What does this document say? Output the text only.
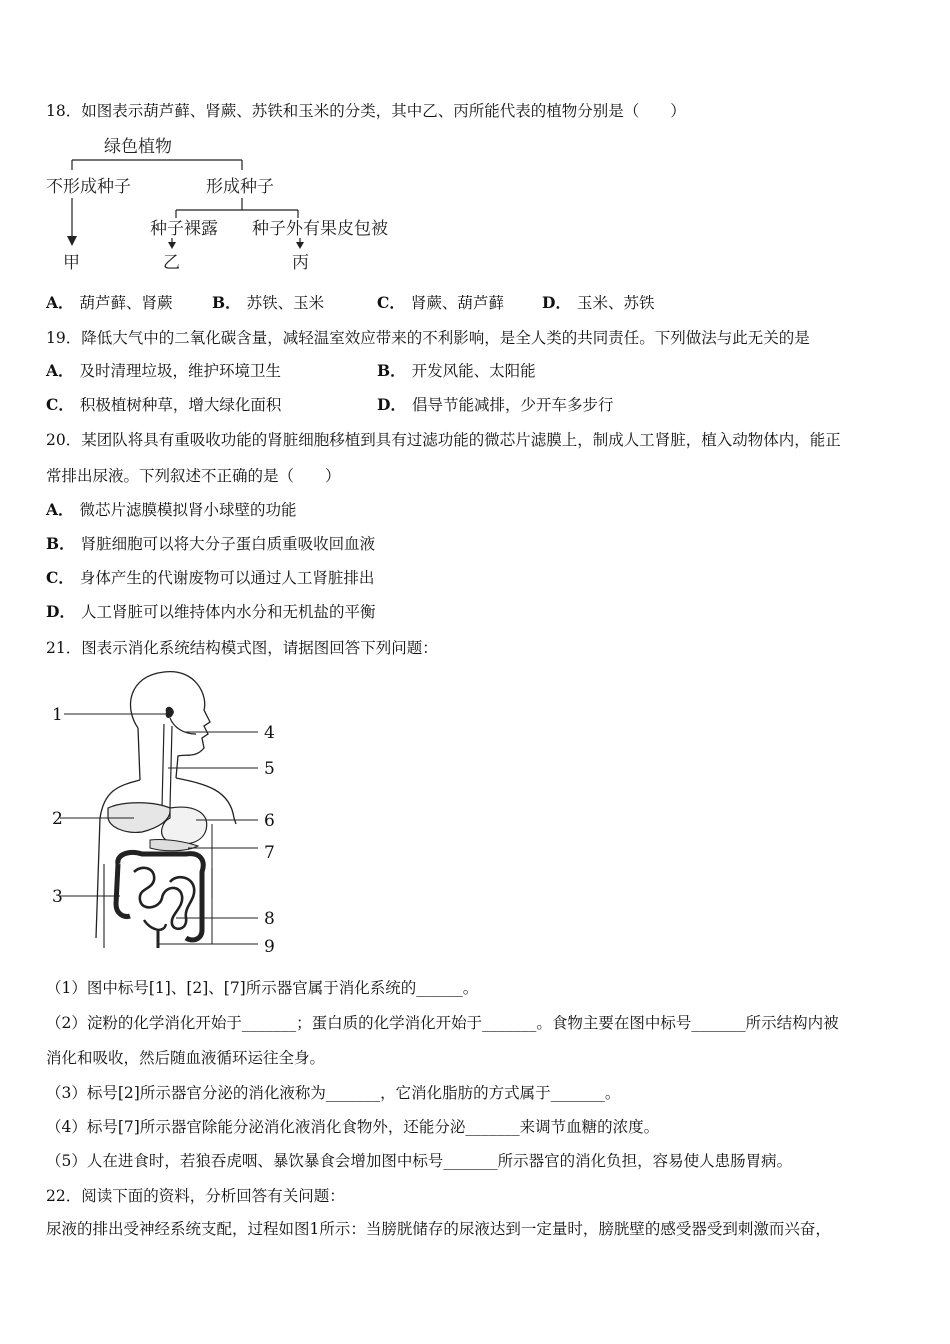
18．如图表示葫芦藓、肾蕨、苏铁和玉米的分类，其中乙、丙所能代表的植物分别是（　　）
绿色植物
不形成种子	形成种子
甲
种子裸露 种子外有果皮包被
乙	丙
A． 葫芦藓、肾蕨	B． 苏铁、玉米	C． 肾蕨、葫芦藓 D． 玉米、苏铁
19．降低大气中的二氧化碳含量，减轻温室效应带来的不利影响，是全人类的共同责任。下列做法与此无关的是
A． 及时清理垃圾，维护环境卫生	B． 开发风能、太阳能
C． 积极植树种草，增大绿化面积	D． 倡导节能减排，少开车多步行
20．某团队将具有重吸收功能的肾脏细胞移植到具有过滤功能的微芯片滤膜上，制成人工肾脏，植入动物体内，能正
常排出尿液。下列叙述不正确的是（　　）
A． 微芯片滤膜模拟肾小球壁的功能
B． 肾脏细胞可以将大分子蛋白质重吸收回血液
C． 身体产生的代谢废物可以通过人工肾脏排出
D． 人工肾脏可以维持体内水分和无机盐的平衡
21．图表示消化系统结构模式图，请据图回答下列问题：
1
2
3
4
5
6
7
8
9
（1）图中标号[1]、[2]、[7]所示器官属于消化系统的______。
（2）淀粉的化学消化开始于_______；蛋白质的化学消化开始于_______。食物主要在图中标号_______所示结构内被
消化和吸收，然后随血液循环运往全身。
（3）标号[2]所示器官分泌的消化液称为_______，它消化脂肪的方式属于_______。
（4）标号[7]所示器官除能分泌消化液消化食物外，还能分泌_______来调节血糖的浓度。
（5）人在进食时，若狼吞虎咽、暴饮暴食会增加图中标号_______所示器官的消化负担，容易使人患肠胃病。
22．阅读下面的资料，分析回答有关问题：
尿液的排出受神经系统支配，过程如图1所示：当膀胱储存的尿液达到一定量时，膀胱壁的感受器受到刺激而兴奋，
